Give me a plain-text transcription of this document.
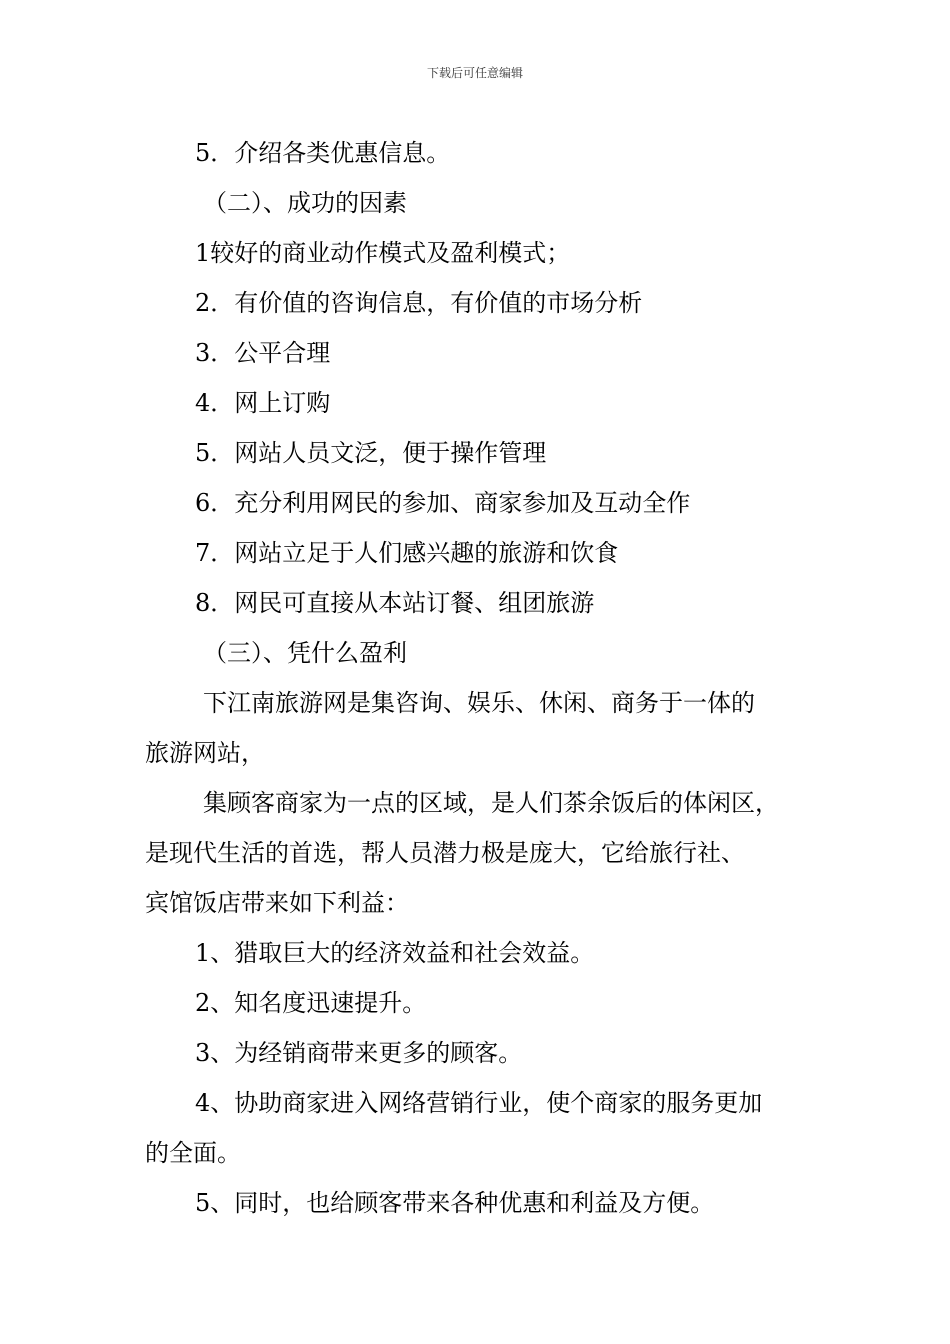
下载后可任意编辑
5．介绍各类优惠信息。
（二）、成功的因素
1较好的商业动作模式及盈利模式；
2．有价值的咨询信息，有价值的市场分析
3．公平合理
4．网上订购
5．网站人员文泛，便于操作管理
6．充分利用网民的参加、商家参加及互动全作
7．网站立足于人们感兴趣的旅游和饮食
8．网民可直接从本站订餐、组团旅游
（三）、凭什么盈利
下江南旅游网是集咨询、娱乐、休闲、商务于一体的
旅游网站，
集顾客商家为一点的区域，是人们茶余饭后的体闲区，
是现代生活的首选，帮人员潜力极是庞大，它给旅行社、
宾馆饭店带来如下利益：
1、猎取巨大的经济效益和社会效益。
2、知名度迅速提升。
3、为经销商带来更多的顾客。
4、协助商家进入网络营销行业，使个商家的服务更加
的全面。
5、同时，也给顾客带来各种优惠和利益及方便。
